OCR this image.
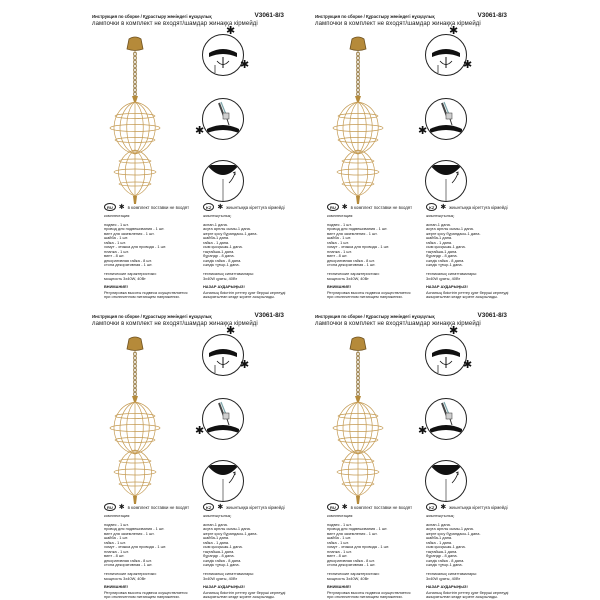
Инструкция по сборке / Құрастыру жөніндегі нұсқаулық	V3061-8/3
лампочки в комплект не входят/шамдар жинаққа кірмейді
✱
✱
✱
RU ✱ в комплект поставки не входят	KZ ✱ жиынтыққа кіреттуға кірмейді
комплектация:
подвес - 1 шт.
провод для подвешивания - 1 шт.
винт для заземления - 1 шт.
шайба - 1 шт.
гайка - 1 шт.
хомут - зтяжка для провода - 1 шт.
планка - 1 шт.
винт - 8 шт.
декоративная гайка - 8 шт.
стопа декоративная - 1 шт.
технические характеристики:
мощность 3х40W, 40Вт
ВНИМАНИЕ!
Регулировка высоты подвеса осуществляется
при отключенном питающем напряжении.
жиынтықтылық:
аспап-1 дана.
асуға арнлы сымы-1 дана.
жерге қосу бұрандасы-1 дана.
шайба-1 дана.
гайка - 1 дана.
сым қысқышы-1 дана.
тақтайша-1 дана.
бұрандр - 8 дана.
сәндік гайка - 8 дана.
сәндік тұғыр-1 дана.
техникалық сипаттамалары:
3х40W қуаты, 40Вт
НАЗАР АУДАРЫҢЫЗ!
Аспаның биіктігін реттеу қуат беруші кернеуді
ажыратылған кезде жүзеге асырылады.
Инструкция по сборке / Құрастыру жөніндегі нұсқаулық	V3061-8/3
лампочки в комплект не входят/шамдар жинаққа кірмейді
✱
✱
✱
RU ✱ в комплект поставки не входят	KZ ✱ жиынтыққа кіреттуға кірмейді
комплектация:
подвес - 1 шт.
провод для подвешивания - 1 шт.
винт для заземления - 1 шт.
шайба - 1 шт.
гайка - 1 шт.
хомут - зтяжка для провода - 1 шт.
планка - 1 шт.
винт - 8 шт.
декоративная гайка - 8 шт.
стопа декоративная - 1 шт.
технические характеристики:
мощность 3х40W, 40Вт
ВНИМАНИЕ!
Регулировка высоты подвеса осуществляется
при отключенном питающем напряжении.
жиынтықтылық:
аспап-1 дана.
асуға арнлы сымы-1 дана.
жерге қосу бұрандасы-1 дана.
шайба-1 дана.
гайка - 1 дана.
сым қысқышы-1 дана.
тақтайша-1 дана.
бұрандр - 8 дана.
сәндік гайка - 8 дана.
сәндік тұғыр-1 дана.
техникалық сипаттамалары:
3х40W қуаты, 40Вт
НАЗАР АУДАРЫҢЫЗ!
Аспаның биіктігін реттеу қуат беруші кернеуді
ажыратылған кезде жүзеге асырылады.
Инструкция по сборке / Құрастыру жөніндегі нұсқаулық	V3061-8/3
лампочки в комплект не входят/шамдар жинаққа кірмейді
✱
✱
✱
RU ✱ в комплект поставки не входят	KZ ✱ жиынтыққа кіреттуға кірмейді
комплектация:
подвес - 1 шт.
провод для подвешивания - 1 шт.
винт для заземления - 1 шт.
шайба - 1 шт.
гайка - 1 шт.
хомут - зтяжка для провода - 1 шт.
планка - 1 шт.
винт - 8 шт.
декоративная гайка - 8 шт.
стопа декоративная - 1 шт.
технические характеристики:
мощность 3х40W, 40Вт
ВНИМАНИЕ!
Регулировка высоты подвеса осуществляется
при отключенном питающем напряжении.
жиынтықтылық:
аспап-1 дана.
асуға арнлы сымы-1 дана.
жерге қосу бұрандасы-1 дана.
шайба-1 дана.
гайка - 1 дана.
сым қысқышы-1 дана.
тақтайша-1 дана.
бұрандр - 8 дана.
сәндік гайка - 8 дана.
сәндік тұғыр-1 дана.
техникалық сипаттамалары:
3х40W қуаты, 40Вт
НАЗАР АУДАРЫҢЫЗ!
Аспаның биіктігін реттеу қуат беруші кернеуді
ажыратылған кезде жүзеге асырылады.
Инструкция по сборке / Құрастыру жөніндегі нұсқаулық	V3061-8/3
лампочки в комплект не входят/шамдар жинаққа кірмейді
✱
✱
✱
RU ✱ в комплект поставки не входят	KZ ✱ жиынтыққа кіреттуға кірмейді
комплектация:
подвес - 1 шт.
провод для подвешивания - 1 шт.
винт для заземления - 1 шт.
шайба - 1 шт.
гайка - 1 шт.
хомут - зтяжка для провода - 1 шт.
планка - 1 шт.
винт - 8 шт.
декоративная гайка - 8 шт.
стопа декоративная - 1 шт.
технические характеристики:
мощность 3х40W, 40Вт
ВНИМАНИЕ!
Регулировка высоты подвеса осуществляется
при отключенном питающем напряжении.
жиынтықтылық:
аспап-1 дана.
асуға арнлы сымы-1 дана.
жерге қосу бұрандасы-1 дана.
шайба-1 дана.
гайка - 1 дана.
сым қысқышы-1 дана.
тақтайша-1 дана.
бұрандр - 8 дана.
сәндік гайка - 8 дана.
сәндік тұғыр-1 дана.
техникалық сипаттамалары:
3х40W қуаты, 40Вт
НАЗАР АУДАРЫҢЫЗ!
Аспаның биіктігін реттеу қуат беруші кернеуді
ажыратылған кезде жүзеге асырылады.
